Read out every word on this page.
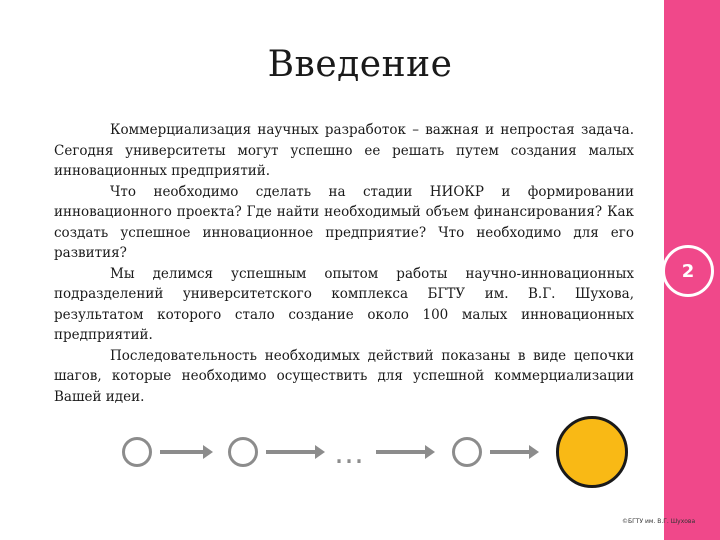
2
Введение

Коммерциализация научных разработок – важная и непростая задача. Сегодня университеты могут успешно ее решать путем создания малых инновационных предприятий.

Что необходимо сделать на стадии НИОКР и формировании инновационного проекта? Где найти необходимый объем финансирования? Как создать успешное инновационное предприятие? Что необходимо для его развития?

Мы делимся успешным опытом работы научно-инновационных подразделений университетского комплекса БГТУ им. В.Г. Шухова, результатом которого стало создание около 100 малых инновационных предприятий.

Последовательность необходимых действий показаны в виде цепочки шагов, которые необходимо осуществить для успешной коммерциализации Вашей идеи.

…
©БГТУ им. В.Г. Шухова
